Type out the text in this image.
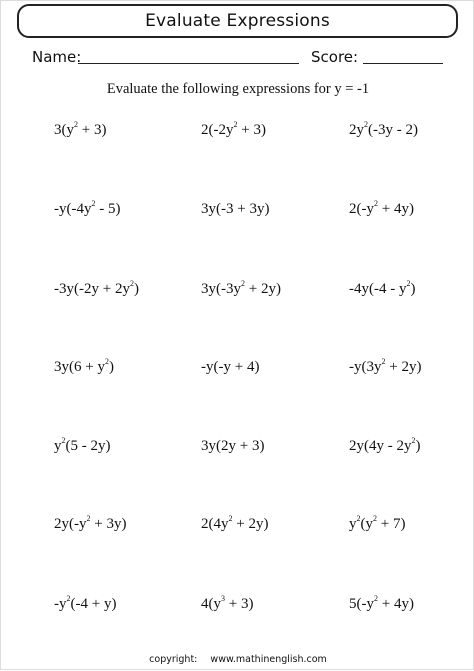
Evaluate Expressions
Name:	Score:
Evaluate the following expressions for y = -1
$3(y^2 + 3)$	$2(-2y^2 + 3)$	$2y^2(-3y - 2)$
$-y(-4y^2 - 5)$	3y(-3 + 3y)	$2(-y^2 + 4y)$
$-3y(-2y + 2y^2)$	$3y(-3y^2 + 2y)$	$-4y(-4 - y^2)$
$3y(6 + y^2)$	-y(-y + 4)	$-y(3y^2 + 2y)$
$y^2(5 - 2y)$	3y(2y + 3)	$2y(4y - 2y^2)$
$2y(-y^2 + 3y)$	$2(4y^2 + 2y)$	$y^2(y^2 + 7)$
$-y^2(-4 + y)$	$4(y^3 + 3)$	$5(-y^2 + 4y)$
copyright: www.mathinenglish.com
